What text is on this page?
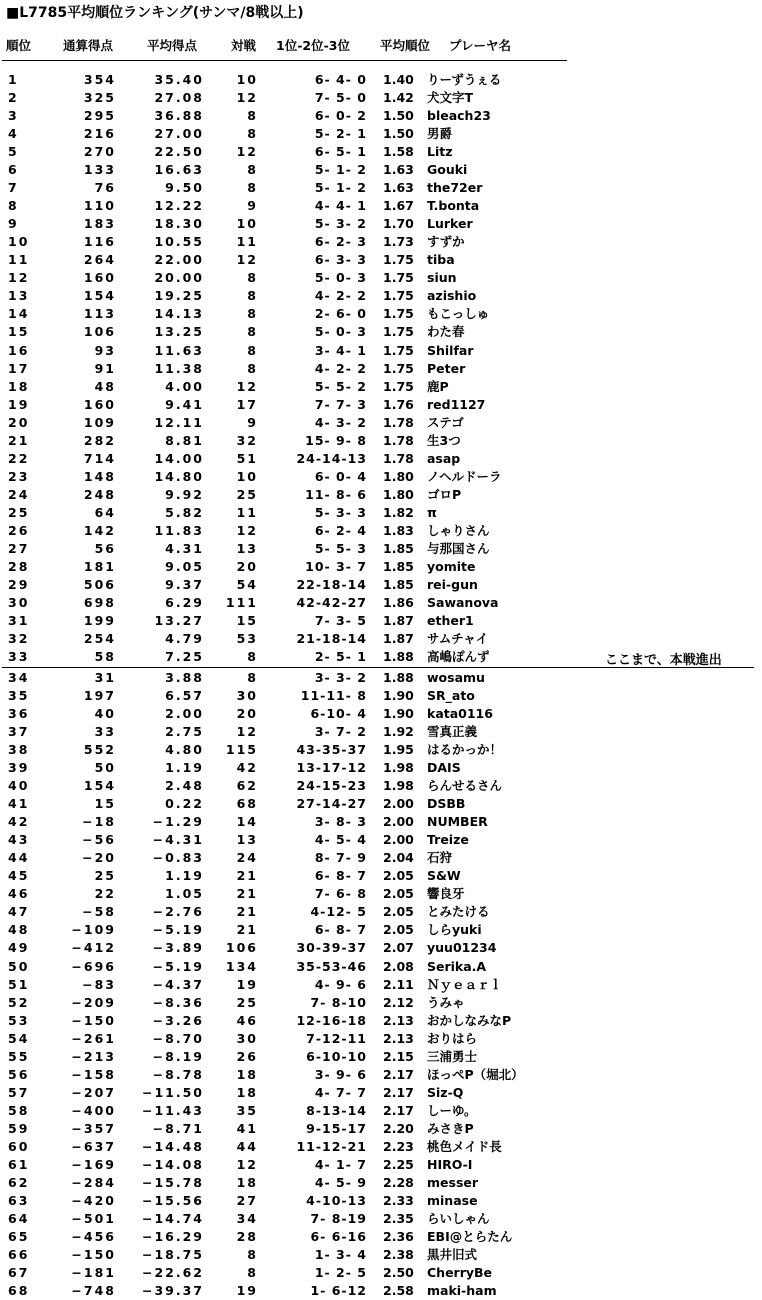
■L7785平均順位ランキング(サンマ/8戦以上)
順位	通算得点	平均得点	対戦 1位-2位-3位 平均順位 プレーヤ名
1	354	35.40	10	6- 4- 0 1.40 りーずうぇる
2	325	27.08	12	7- 5- 0 1.42 犬文字T
3	295	36.88	8	6- 0- 2 1.50 bleach23
4	216	27.00	8	5- 2- 1 1.50 男爵
5	270	22.50	12	6- 5- 1 1.58 Litz
6	133	16.63	8	5- 1- 2 1.63 Gouki
7	76	9.50	8	5- 1- 2 1.63 the72er
8	110	12.22	9	4- 4- 1 1.67 T.bonta
9	183	18.30	10	5- 3- 2 1.70 Lurker
10	116	10.55	11	6- 2- 3 1.73 すずか
11	264	22.00	12	6- 3- 3 1.75 tiba
12	160	20.00	8	5- 0- 3 1.75 siun
13	154	19.25	8	4- 2- 2 1.75 azishio
14	113	14.13	8	2- 6- 0 1.75 もこっしゅ
15	106	13.25	8	5- 0- 3 1.75 わた春
16	93	11.63	8	3- 4- 1 1.75 Shilfar
17	91	11.38	8	4- 2- 2 1.75 Peter
18	48	4.00	12	5- 5- 2 1.75 鹿P
19	160	9.41	17	7- 7- 3 1.76 red1127
20	109	12.11	9	4- 3- 2 1.78 ステゴ
21	282	8.81	32	15- 9- 8 1.78 生3つ
22	714	14.00	51	24-14-13 1.78 asap
23	148	14.80	10	6- 0- 4 1.80 ノヘルドーラ
24	248	9.92	25	11- 8- 6 1.80 ゴロP
25	64	5.82	11	5- 3- 3 1.82 π
26	142	11.83	12	6- 2- 4 1.83 しゃりさん
27	56	4.31	13	5- 5- 3 1.85 与那国さん
28	181	9.05	20	10- 3- 7 1.85 yomite
29	506	9.37	54	22-18-14 1.85 rei-gun
30	698	6.29 111	42-42-27 1.86 Sawanova
31	199	13.27	15	7- 3- 5 1.87 ether1
32	254	4.79	53	21-18-14 1.87 サムチャイ
33	58	7.25	8	2- 5- 1 1.88 高嶋ぽんず
34	31	3.88	8	3- 3- 2 1.88 wosamu
35	197	6.57	30	11-11- 8 1.90 SR_ato
36	40	2.00	20	6-10- 4 1.90 kata0116
37	33	2.75	12	3- 7- 2 1.92 雪真正義
38	552	4.80 115	43-35-37 1.95 はるかっか！
39	50	1.19	42	13-17-12 1.98 DAIS
40	154	2.48	62	24-15-23 1.98 らんせるさん
41	15	0.22	68	27-14-27 2.00 DSBB
42	−18	−1.29	14	3- 8- 3 2.00 NUMBER
43	−56	−4.31	13	4- 5- 4 2.00 Treize
44	−20	−0.83	24	8- 7- 9 2.04 石狩
45	25	1.19	21	6- 8- 7 2.05 S&W
46	22	1.05	21	7- 6- 8 2.05 響良牙
47	−58	−2.76	21	4-12- 5 2.05 とみたける
48	−109	−5.19	21	6- 8- 7 2.05 しらyuki
49	−412	−3.89 106	30-39-37 2.07 yuu01234
50	−696	−5.19 134	35-53-46 2.08 Serika.A
51	−83	−4.37	19	4- 9- 6 2.11 Ｎｙｅａｒｌ
52	−209	−8.36	25	7- 8-10 2.12 うみゃ
53	−150	−3.26	46	12-16-18 2.13 おかしなみなP
54	−261	−8.70	30	7-12-11 2.13 おりはら
55	−213	−8.19	26	6-10-10 2.15 三浦勇士
56	−158	−8.78	18	3- 9- 6 2.17 ほっぺP（堀北）
57	−207 −11.50	18	4- 7- 7 2.17 Siz-Q
58	−400 −11.43	35	8-13-14 2.17 しーゆ。
59	−357	−8.71	41	9-15-17 2.20 みさきP
60	−637 −14.48	44	11-12-21 2.23 桃色メイド長
61	−169 −14.08	12	4- 1- 7 2.25 HIRO-I
62	−284 −15.78	18	4- 5- 9 2.28 messer
63	−420 −15.56	27	4-10-13 2.33 minase
64	−501 −14.74	34	7- 8-19 2.35 らいしゃん
65	−456 −16.29	28	6- 6-16 2.36 EBI@とらたん
66	−150 −18.75	8	1- 3- 4 2.38 黒井旧式
67	−181 −22.62	8	1- 2- 5 2.50 CherryBe
68	−748 −39.37	19	1- 6-12 2.58 maki-ham
ここまで、本戦進出
